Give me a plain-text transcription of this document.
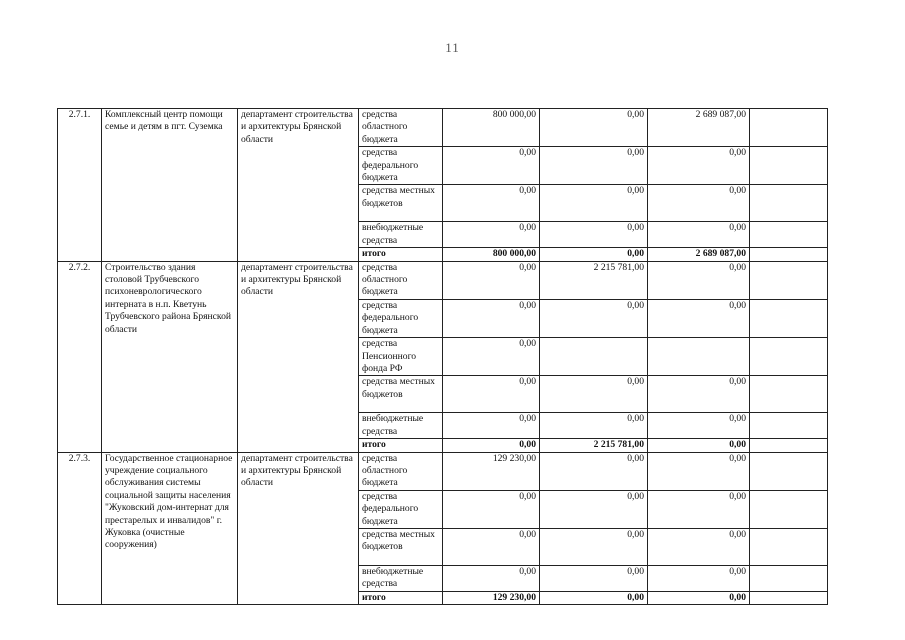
11
2.7.1.	Комплексный центр помощи семье и детям в пгт. Суземка	департамент строительства и архитектуры Брянской области	средства областного бюджета	800 000,00	0,00	2 689 087,00	
			средства федерального бюджета	0,00	0,00	0,00	
			средства местных бюджетов	0,00	0,00	0,00	
			внебюджетные средства	0,00	0,00	0,00	
			итого	800 000,00	0,00	2 689 087,00	
2.7.2.	Строительство здания столовой Трубчевского психоневрологического интерната в н.п. Кветунь Трубчевского района Брянской области	департамент строительства и архитектуры Брянской области	средства областного бюджета	0,00	2 215 781,00	0,00	
			средства федерального бюджета	0,00	0,00	0,00	
			средства Пенсионного фонда РФ	0,00			
			средства местных бюджетов	0,00	0,00	0,00	
			внебюджетные средства	0,00	0,00	0,00	
			итого	0,00	2 215 781,00	0,00	
2.7.3.	Государственное стационарное учреждение социального обслуживания системы социальной защиты населения "Жуковский дом-интернат для престарелых и инвалидов" г. Жуковка (очистные сооружения)	департамент строительства и архитектуры Брянской области	средства областного бюджета	129 230,00	0,00	0,00	
			средства федерального бюджета	0,00	0,00	0,00	
			средства местных бюджетов	0,00	0,00	0,00	
			внебюджетные средства	0,00	0,00	0,00	
			итого	129 230,00	0,00	0,00	
